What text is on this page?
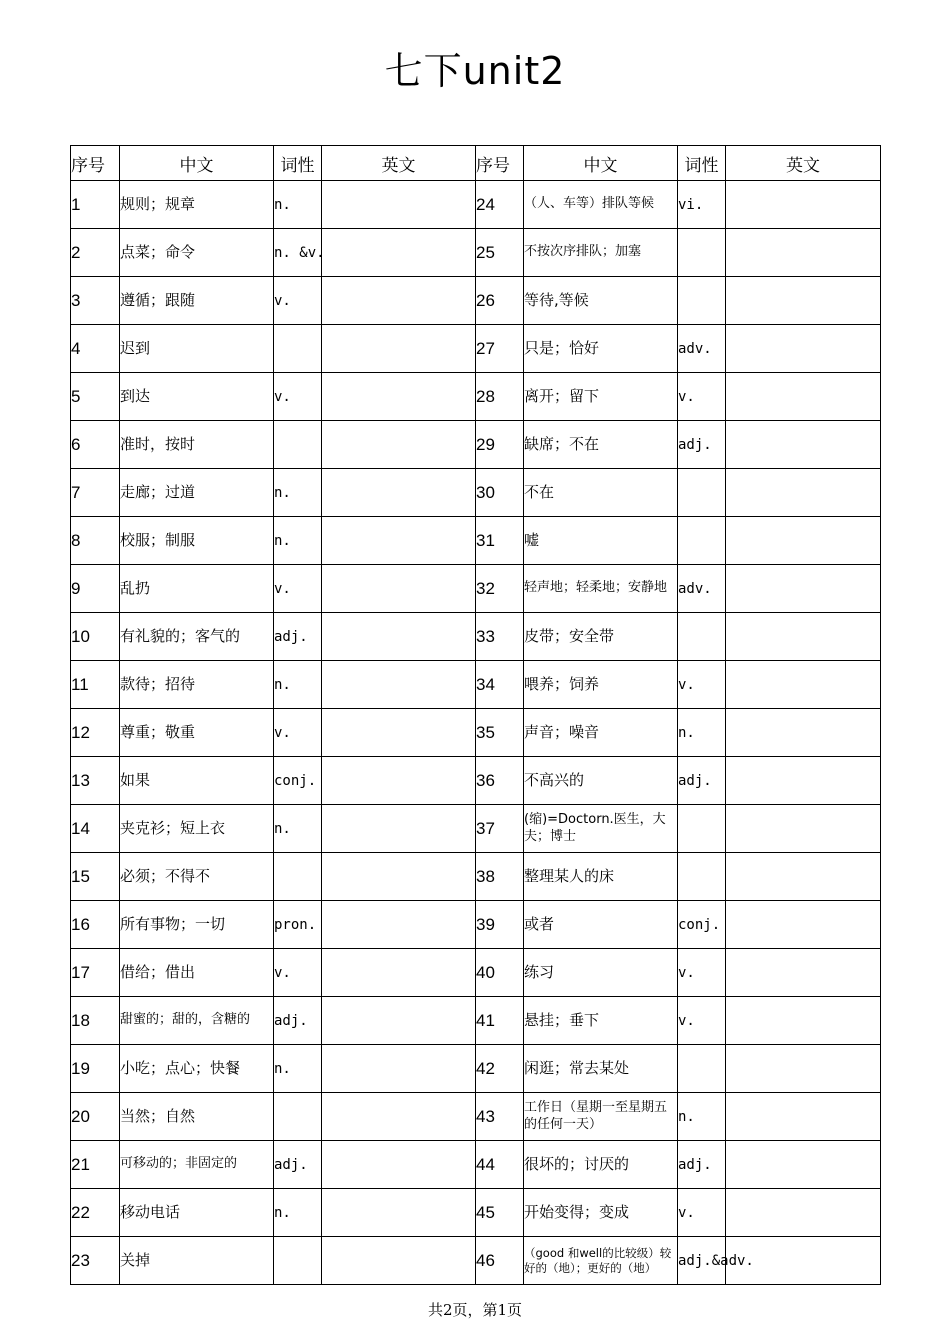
七下unit2
序号	中文	词性	英文	序号	中文	词性	英文
1	规则；规章	n.		24	（人、车等）排队等候	vi.	
2	点菜；命令	n. &v.		25	不按次序排队；加塞		
3	遵循；跟随	v.		26	等待,等候		
4	迟到			27	只是；恰好	adv.	
5	到达	v.		28	离开；留下	v.	
6	准时，按时			29	缺席；不在	adj.	
7	走廊；过道	n.		30	不在		
8	校服；制服	n.		31	嘘		
9	乱扔	v.		32	轻声地；轻柔地；安静地	adv.	
10	有礼貌的；客气的	adj.		33	皮带；安全带		
11	款待；招待	n.		34	喂养；饲养	v.	
12	尊重；敬重	v.		35	声音；噪音	n.	
13	如果	conj.		36	不高兴的	adj.	
14	夹克衫；短上衣	n.		37	(缩)=Doctorn.医生，大夫；博士		
15	必须；不得不			38	整理某人的床		
16	所有事物；一切	pron.		39	或者	conj.	
17	借给；借出	v.		40	练习	v.	
18	甜蜜的；甜的，含糖的	adj.		41	悬挂；垂下	v.	
19	小吃；点心；快餐	n.		42	闲逛；常去某处		
20	当然；自然			43	工作日（星期一至星期五的任何一天）	n.	
21	可移动的；非固定的	adj.		44	很坏的；讨厌的	adj.	
22	移动电话	n.		45	开始变得；变成	v.	
23	关掉			46	（good 和well的比较级）较好的（地）；更好的（地）	adj.&adv.	
共2页，第1页
